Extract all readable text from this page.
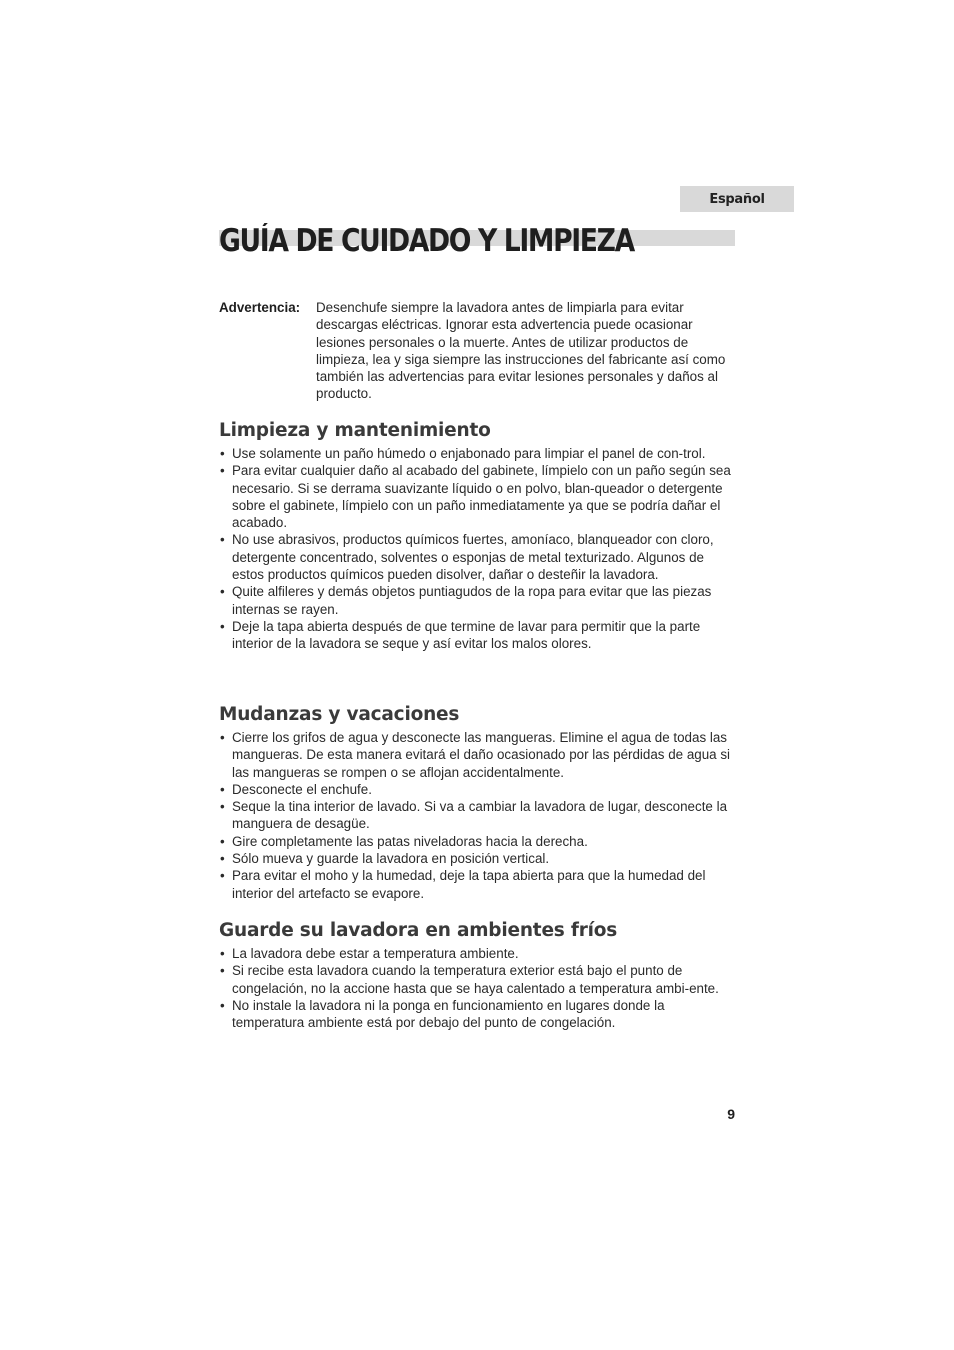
Español
GUÍA DE CUIDADO Y LIMPIEZA
Advertencia: Desenchufe siempre la lavadora antes de limpiarla para evitar descargas eléctricas. Ignorar esta advertencia puede ocasionar lesiones personales o la muerte. Antes de utilizar productos de limpieza, lea y siga siempre las instrucciones del fabricante así como también las advertencias para evitar lesiones personales y daños al producto.
Limpieza y mantenimiento
• Use solamente un paño húmedo o enjabonado para limpiar el panel de con-trol.
• Para evitar cualquier daño al acabado del gabinete, límpielo con un paño según sea necesario. Si se derrama suavizante líquido o en polvo, blan-queador o detergente sobre el gabinete, límpielo con un paño inmediatamente ya que se podría dañar el acabado.
• No use abrasivos, productos químicos fuertes, amoníaco, blanqueador con cloro, detergente concentrado, solventes o esponjas de metal texturizado. Algunos de estos productos químicos pueden disolver, dañar o desteñir la lavadora.
• Quite alfileres y demás objetos puntiagudos de la ropa para evitar que las piezas internas se rayen.
• Deje la tapa abierta después de que termine de lavar para permitir que la parte interior de la lavadora se seque y así evitar los malos olores.
Mudanzas y vacaciones
• Cierre los grifos de agua y desconecte las mangueras. Elimine el agua de todas las mangueras. De esta manera evitará el daño ocasionado por las pérdidas de agua si las mangueras se rompen o se aflojan accidentalmente.
• Desconecte el enchufe.
• Seque la tina interior de lavado. Si va a cambiar la lavadora de lugar, desconecte la manguera de desagüe.
• Gire completamente las patas niveladoras hacia la derecha.
• Sólo mueva y guarde la lavadora en posición vertical.
• Para evitar el moho y la humedad, deje la tapa abierta para que la humedad del interior del artefacto se evapore.
Guarde su lavadora en ambientes fríos
• La lavadora debe estar a temperatura ambiente.
• Si recibe esta lavadora cuando la temperatura exterior está bajo el punto de congelación, no la accione hasta que se haya calentado a temperatura ambi-ente.
• No instale la lavadora ni la ponga en funcionamiento en lugares donde la temperatura ambiente está por debajo del punto de congelación.
9
